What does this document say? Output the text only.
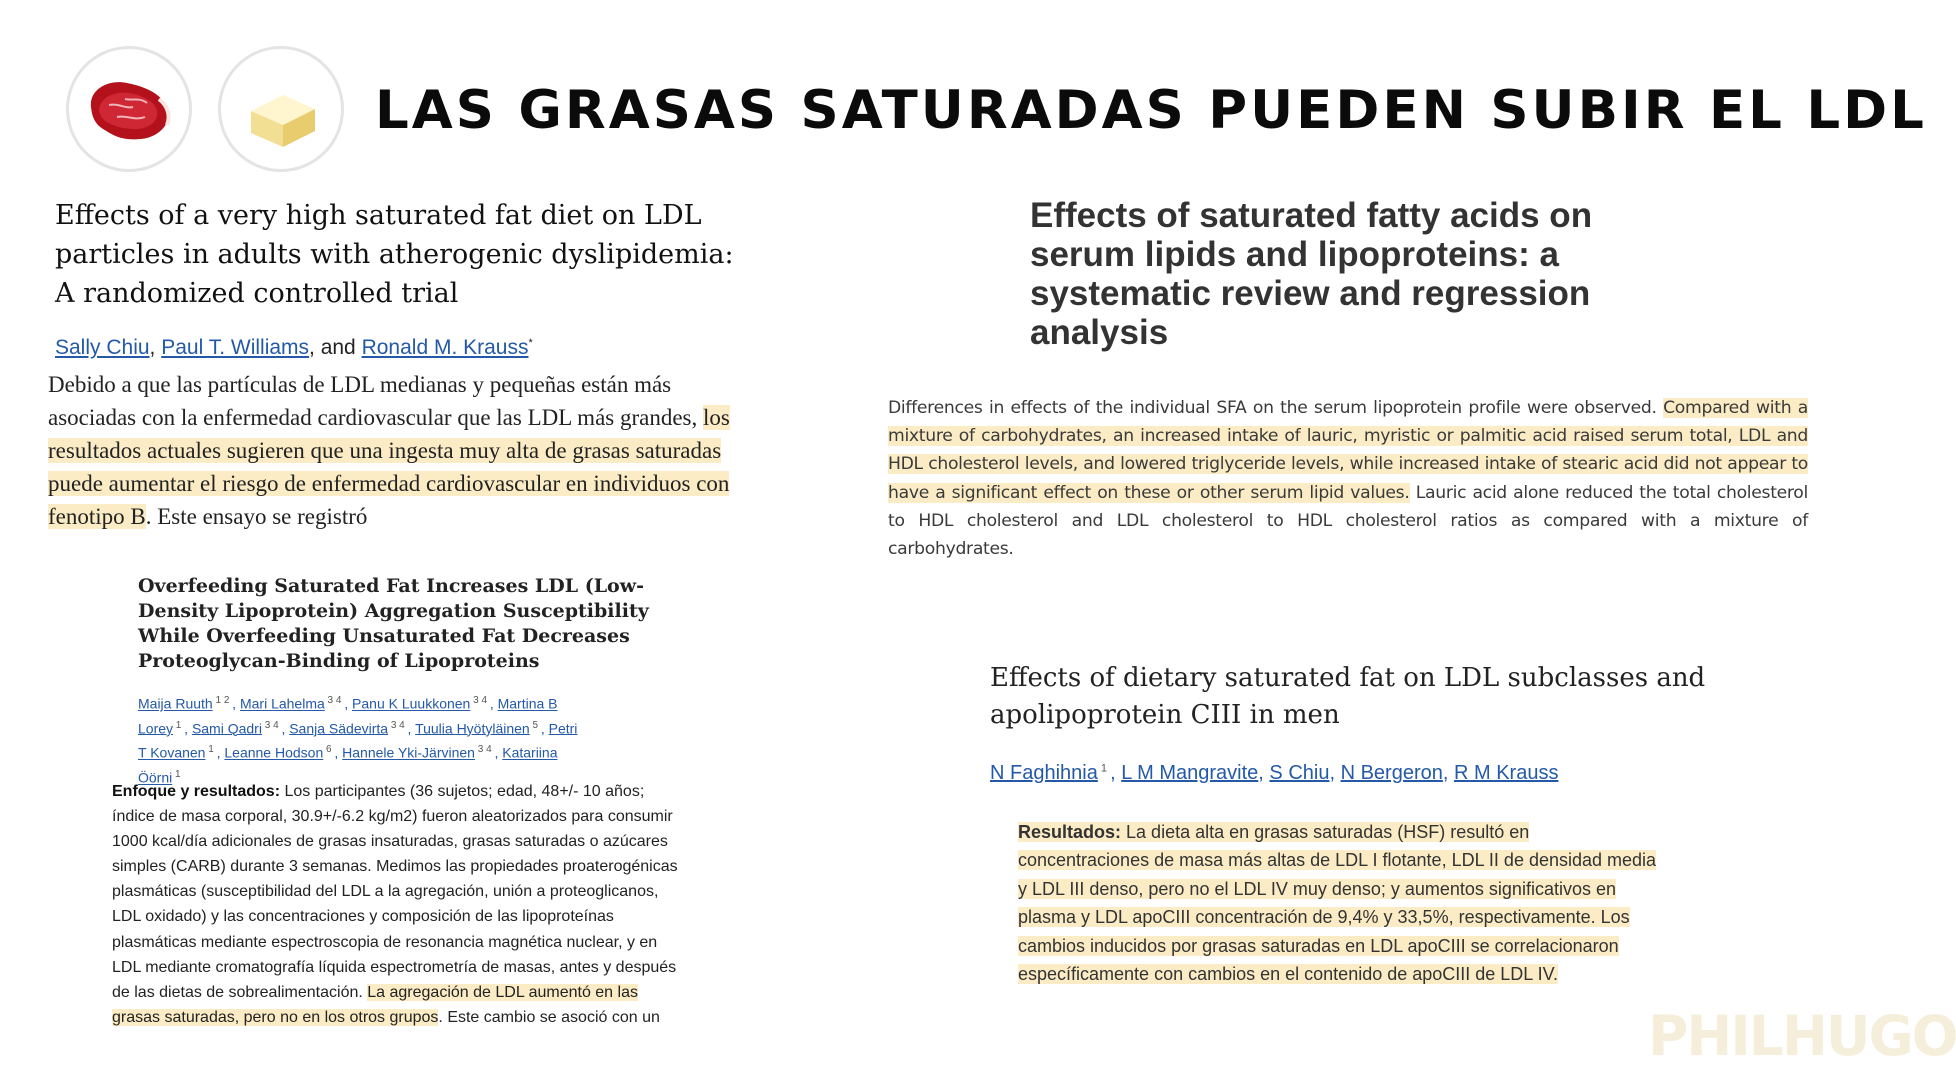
LAS GRASAS SATURADAS PUEDEN SUBIR EL LDL
Effects of a very high saturated fat diet on LDL particles in adults with atherogenic dyslipidemia: A randomized controlled trial
Sally Chiu, Paul T. Williams, and Ronald M. Krauss*
Debido a que las partículas de LDL medianas y pequeñas están más asociadas con la enfermedad cardiovascular que las LDL más grandes, los resultados actuales sugieren que una ingesta muy alta de grasas saturadas puede aumentar el riesgo de enfermedad cardiovascular en individuos con fenotipo B. Este ensayo se registró
Overfeeding Saturated Fat Increases LDL (Low-Density Lipoprotein) Aggregation Susceptibility While Overfeeding Unsaturated Fat Decreases Proteoglycan-Binding of Lipoproteins
Maija Ruuth $^{1 2}$ , Mari Lahelma $^{3 4}$ , Panu K Luukkonen $^{3 4}$ , Martina B Lorey $^1$ , Sami Qadri $^{3 4}$ , Sanja Sädevirta $^{3 4}$ , Tuulia Hyötyläinen $^5$ , Petri T Kovanen $^1$ , Leanne Hodson $^6$ , Hannele Yki-Järvinen $^{3 4}$ , Katariina Öörni $^1$
Enfoque y resultados: Los participantes (36 sujetos; edad, 48+/- 10 años; índice de masa corporal, 30.9+/-6.2 kg/m2) fueron aleatorizados para consumir 1000 kcal/día adicionales de grasas insaturadas, grasas saturadas o azúcares simples (CARB) durante 3 semanas. Medimos las propiedades proaterogénicas plasmáticas (susceptibilidad del LDL a la agregación, unión a proteoglicanos, LDL oxidado) y las concentraciones y composición de las lipoproteínas plasmáticas mediante espectroscopia de resonancia magnética nuclear, y en LDL mediante cromatografía líquida espectrometría de masas, antes y después de las dietas de sobrealimentación. La agregación de LDL aumentó en las grasas saturadas, pero no en los otros grupos. Este cambio se asoció con un
Effects of saturated fatty acids on serum lipids and lipoproteins: a systematic review and regression analysis
Differences in effects of the individual SFA on the serum lipoprotein profile were observed. Compared with a mixture of carbohydrates, an increased intake of lauric, myristic or palmitic acid raised serum total, LDL and HDL cholesterol levels, and lowered triglyceride levels, while increased intake of stearic acid did not appear to have a significant effect on these or other serum lipid values. Lauric acid alone reduced the total cholesterol to HDL cholesterol and LDL cholesterol to HDL cholesterol ratios as compared with a mixture of carbohydrates.
Effects of dietary saturated fat on LDL subclasses and apolipoprotein CIII in men
N Faghihnia $^1$ , L M Mangravite, S Chiu, N Bergeron, R M Krauss
Resultados: La dieta alta en grasas saturadas (HSF) resultó en concentraciones de masa más altas de LDL I flotante, LDL II de densidad media y LDL III denso, pero no el LDL IV muy denso; y aumentos significativos en plasma y LDL apoCIII concentración de 9,4% y 33,5%, respectivamente. Los cambios inducidos por grasas saturadas en LDL apoCIII se correlacionaron específicamente con cambios en el contenido de apoCIII de LDL IV.
PHILHUGO
